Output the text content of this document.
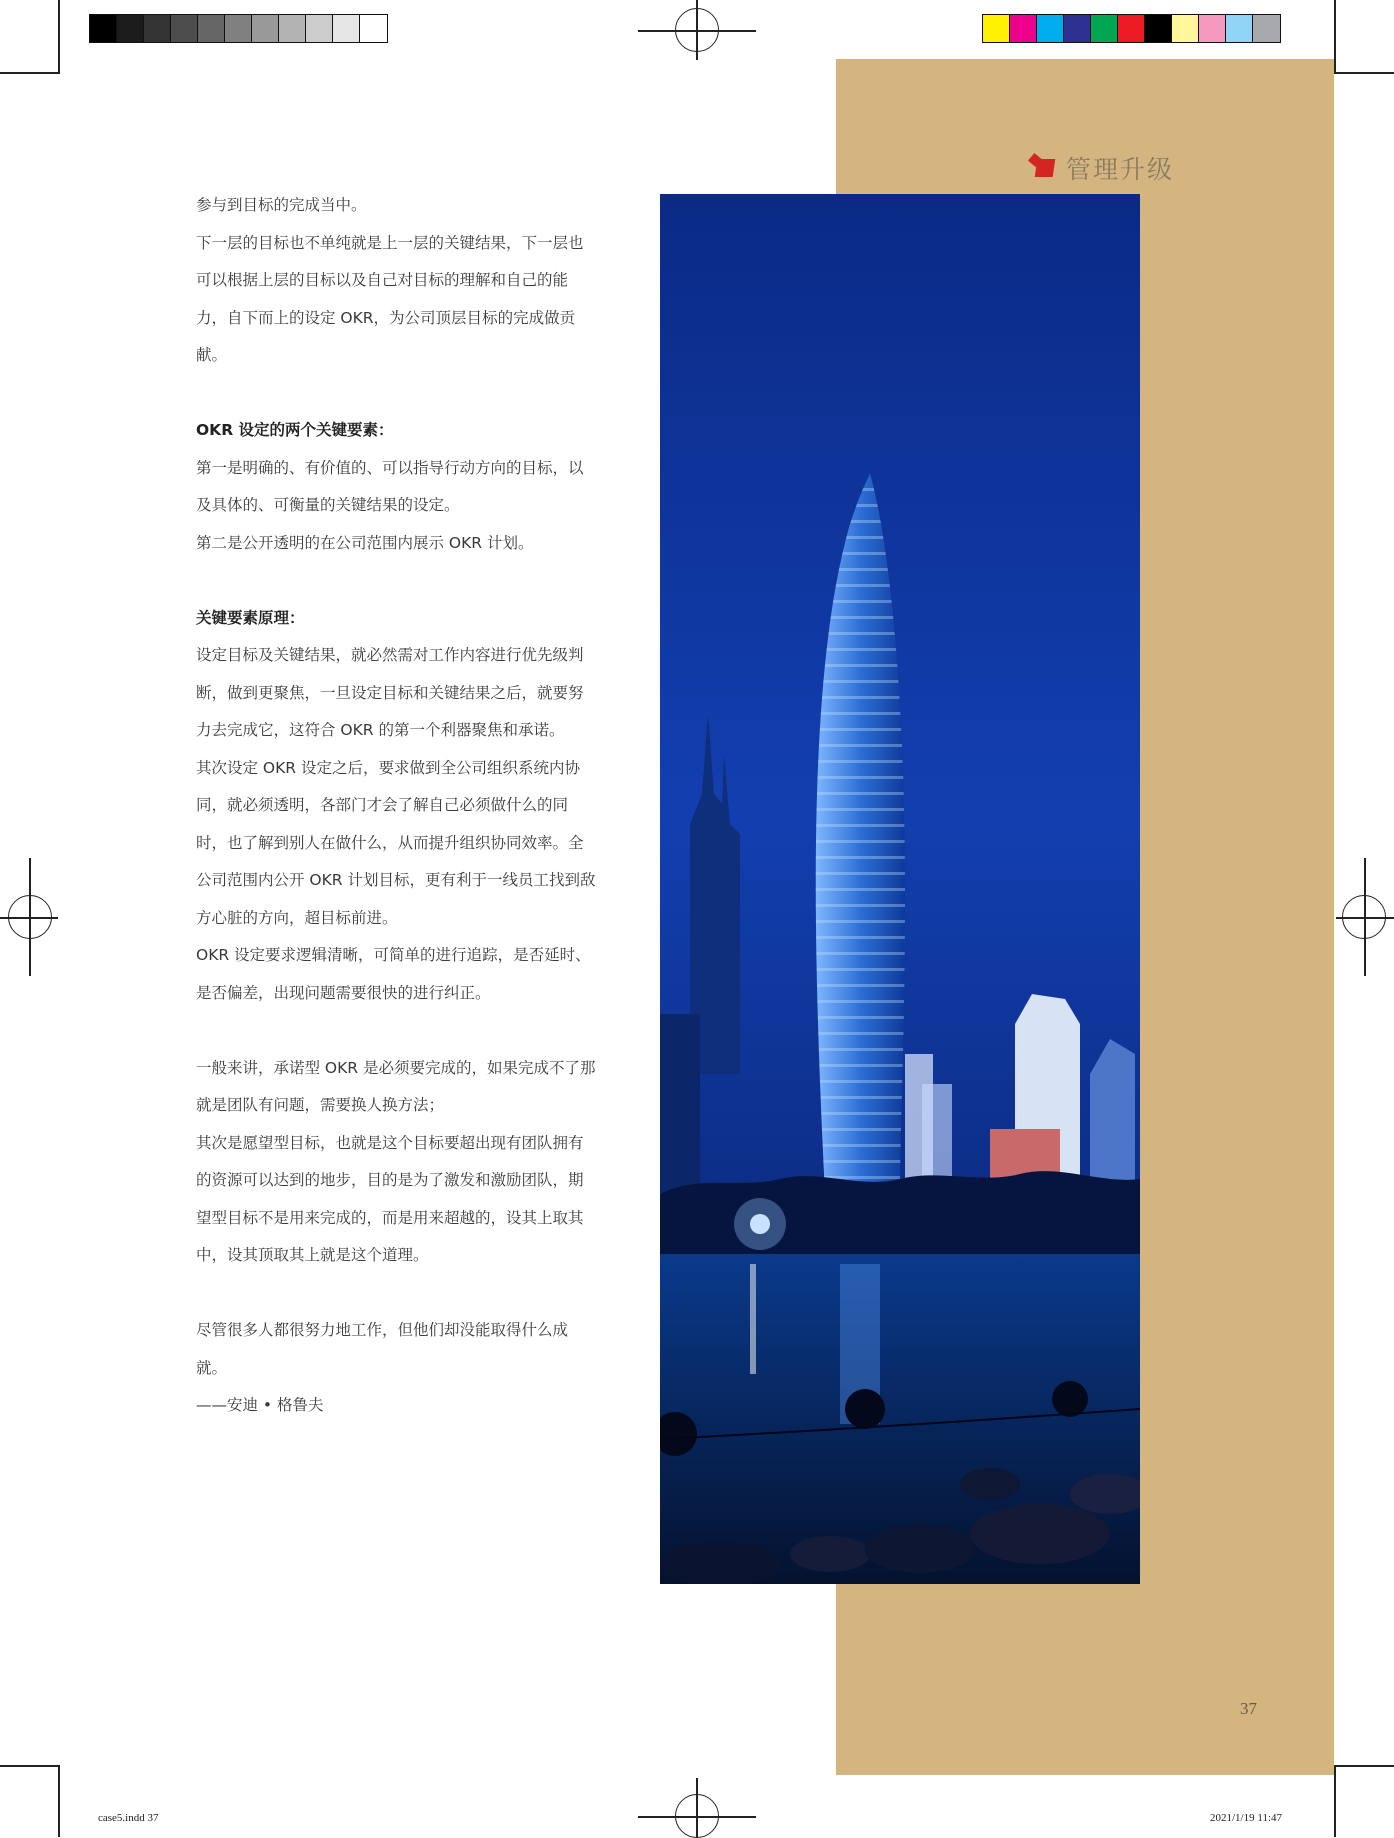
管理升级

参与到目标的完成当中。

下一层的目标也不单纯就是上一层的关键结果，下一层也可以根据上层的目标以及自己对目标的理解和自己的能力，自下而上的设定 OKR，为公司顶层目标的完成做贡献。

OKR 设定的两个关键要素：

第一是明确的、有价值的、可以指导行动方向的目标，以及具体的、可衡量的关键结果的设定。

第二是公开透明的在公司范围内展示 OKR 计划。

关键要素原理：

设定目标及关键结果，就必然需对工作内容进行优先级判断，做到更聚焦，一旦设定目标和关键结果之后，就要努力去完成它，这符合 OKR 的第一个利器聚焦和承诺。

其次设定 OKR 设定之后，要求做到全公司组织系统内协同，就必须透明，各部门才会了解自己必须做什么的同时，也了解到别人在做什么，从而提升组织协同效率。全公司范围内公开 OKR 计划目标，更有利于一线员工找到敌方心脏的方向，超目标前进。

OKR 设定要求逻辑清晰，可简单的进行追踪，是否延时、是否偏差，出现问题需要很快的进行纠正。

一般来讲，承诺型 OKR 是必须要完成的，如果完成不了那就是团队有问题，需要换人换方法；

其次是愿望型目标，也就是这个目标要超出现有团队拥有的资源可以达到的地步，目的是为了激发和激励团队，期望型目标不是用来完成的，而是用来超越的，设其上取其中，设其顶取其上就是这个道理。

尽管很多人都很努力地工作，但他们却没能取得什么成就。

——安迪 • 格鲁夫

37
case5.indd 37	2021/1/19 11:47
